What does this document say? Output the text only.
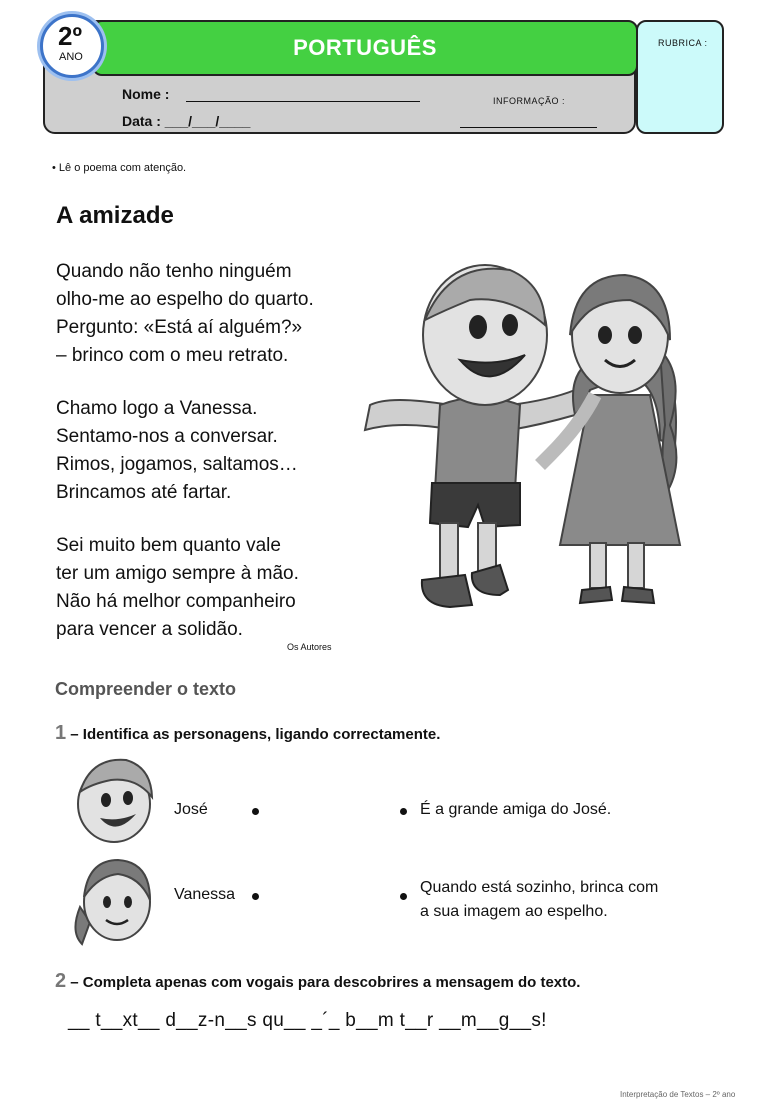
PORTUGUÊS	RUBRICA :
2º
ANO
Nome :
Data : ___/___/____
INFORMAÇÃO :
• Lê o poema com atenção.
A amizade
Quando não tenho ninguém
olho-me ao espelho do quarto.
Pergunto: «Está aí alguém?»
– brinco com o meu retrato.
Chamo logo a Vanessa.
Sentamo-nos a conversar.
Rimos, jogamos, saltamos…
Brincamos até fartar.
Sei muito bem quanto vale
ter um amigo sempre à mão.
Não há melhor companheiro
para vencer a solidão.
Os Autores
Compreender o texto
1 – Identifica as personagens, ligando correctamente.
José	É a grande amiga do José.
Vanessa	Quando está sozinho, brinca com
a sua imagem ao espelho.
2 – Completa apenas com vogais para descobrires a mensagem do texto.
__ t__xt__ d__z-n__s qu__ _´_ b__m t__r __m__g__s!
Interpretação de Textos – 2º ano
